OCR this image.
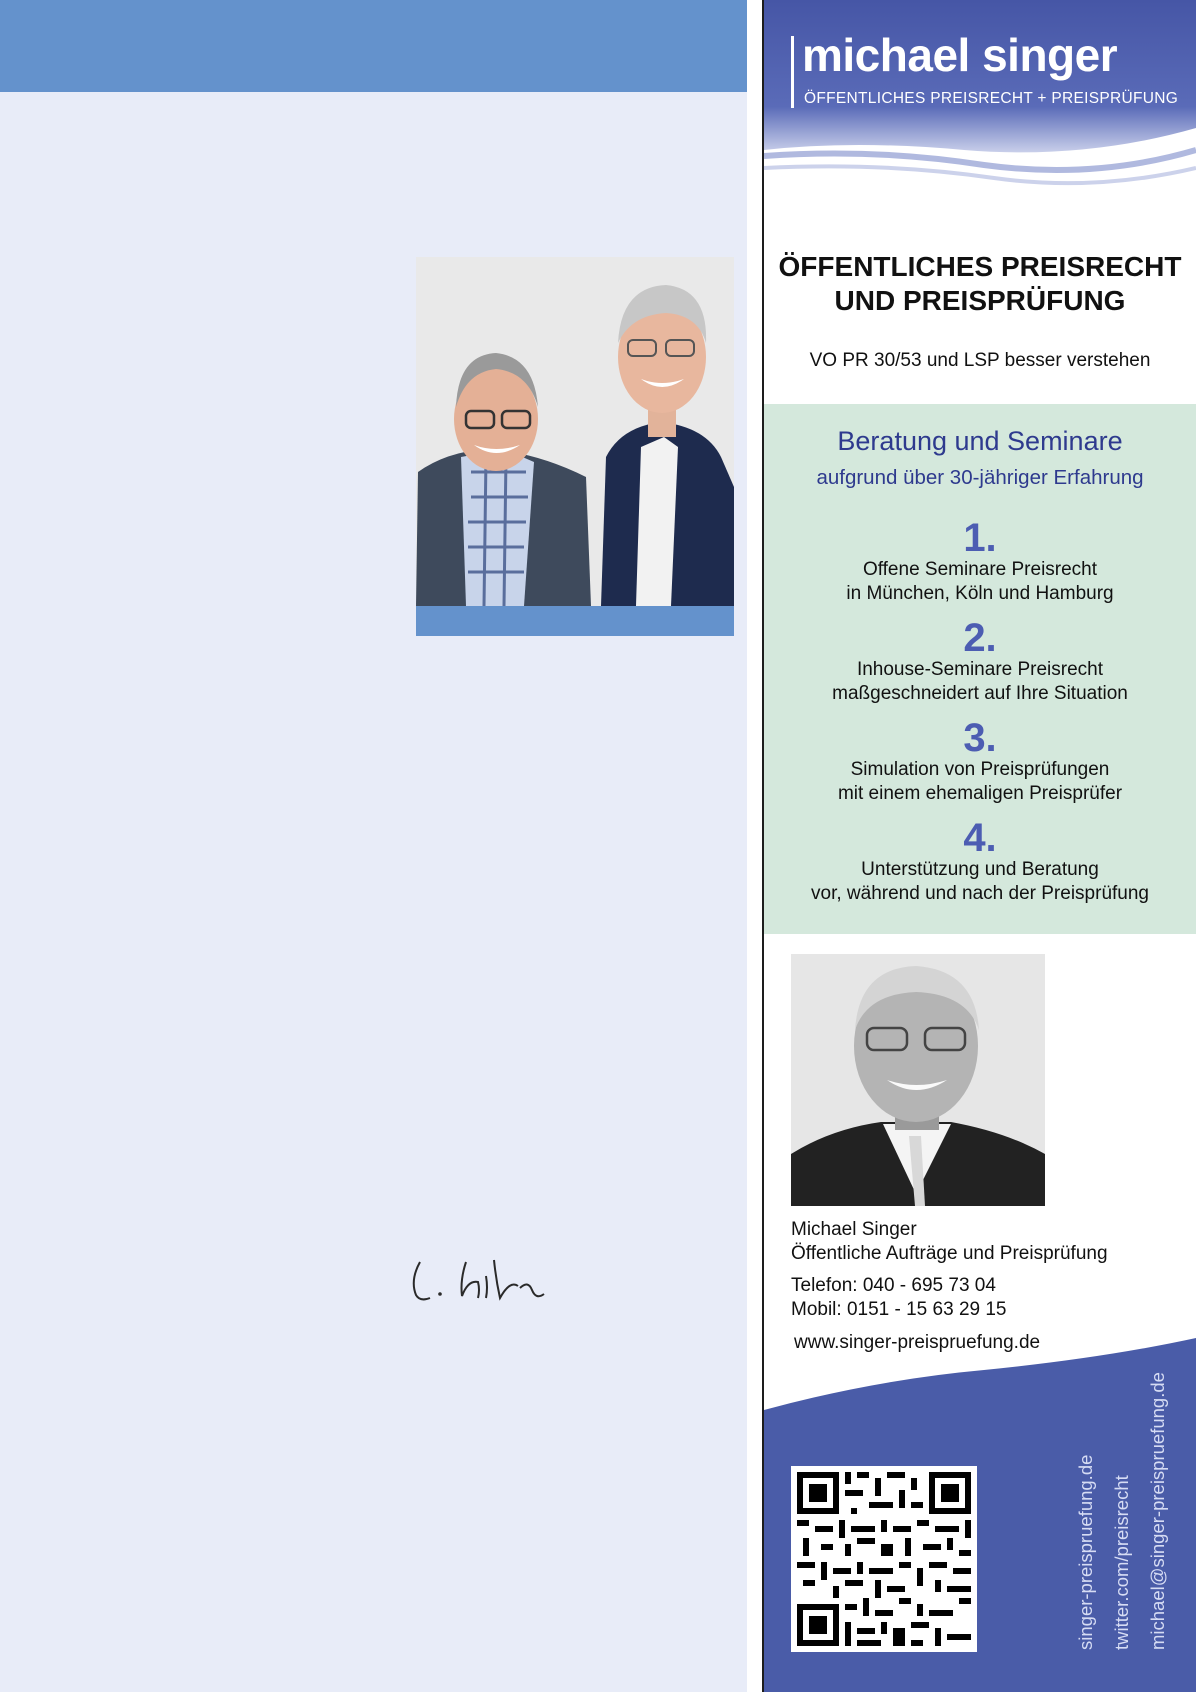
michael singer
ÖFFENTLICHES PREISRECHT + PREISPRÜFUNG
ÖFFENTLICHES PREISRECHT
UND PREISPRÜFUNG
VO PR 30/53 und LSP besser verstehen
Beratung und Seminare
aufgrund über 30-jähriger Erfahrung
1.
Offene Seminare Preisrecht
in München, Köln und Hamburg
2.
Inhouse-Seminare Preisrecht
maßgeschneidert auf Ihre Situation
3.
Simulation von Preisprüfungen
mit einem ehemaligen Preisprüfer
4.
Unterstützung und Beratung
vor, während und nach der Preisprüfung
Michael Singer
Öffentliche Aufträge und Preisprüfung
Telefon: 040 - 695 73 04
Mobil: 0151 - 15 63 29 15
www.singer-preispruefung.de
singer-preispruefung.de twitter.com/preisrecht michael@singer-preispruefung.de
